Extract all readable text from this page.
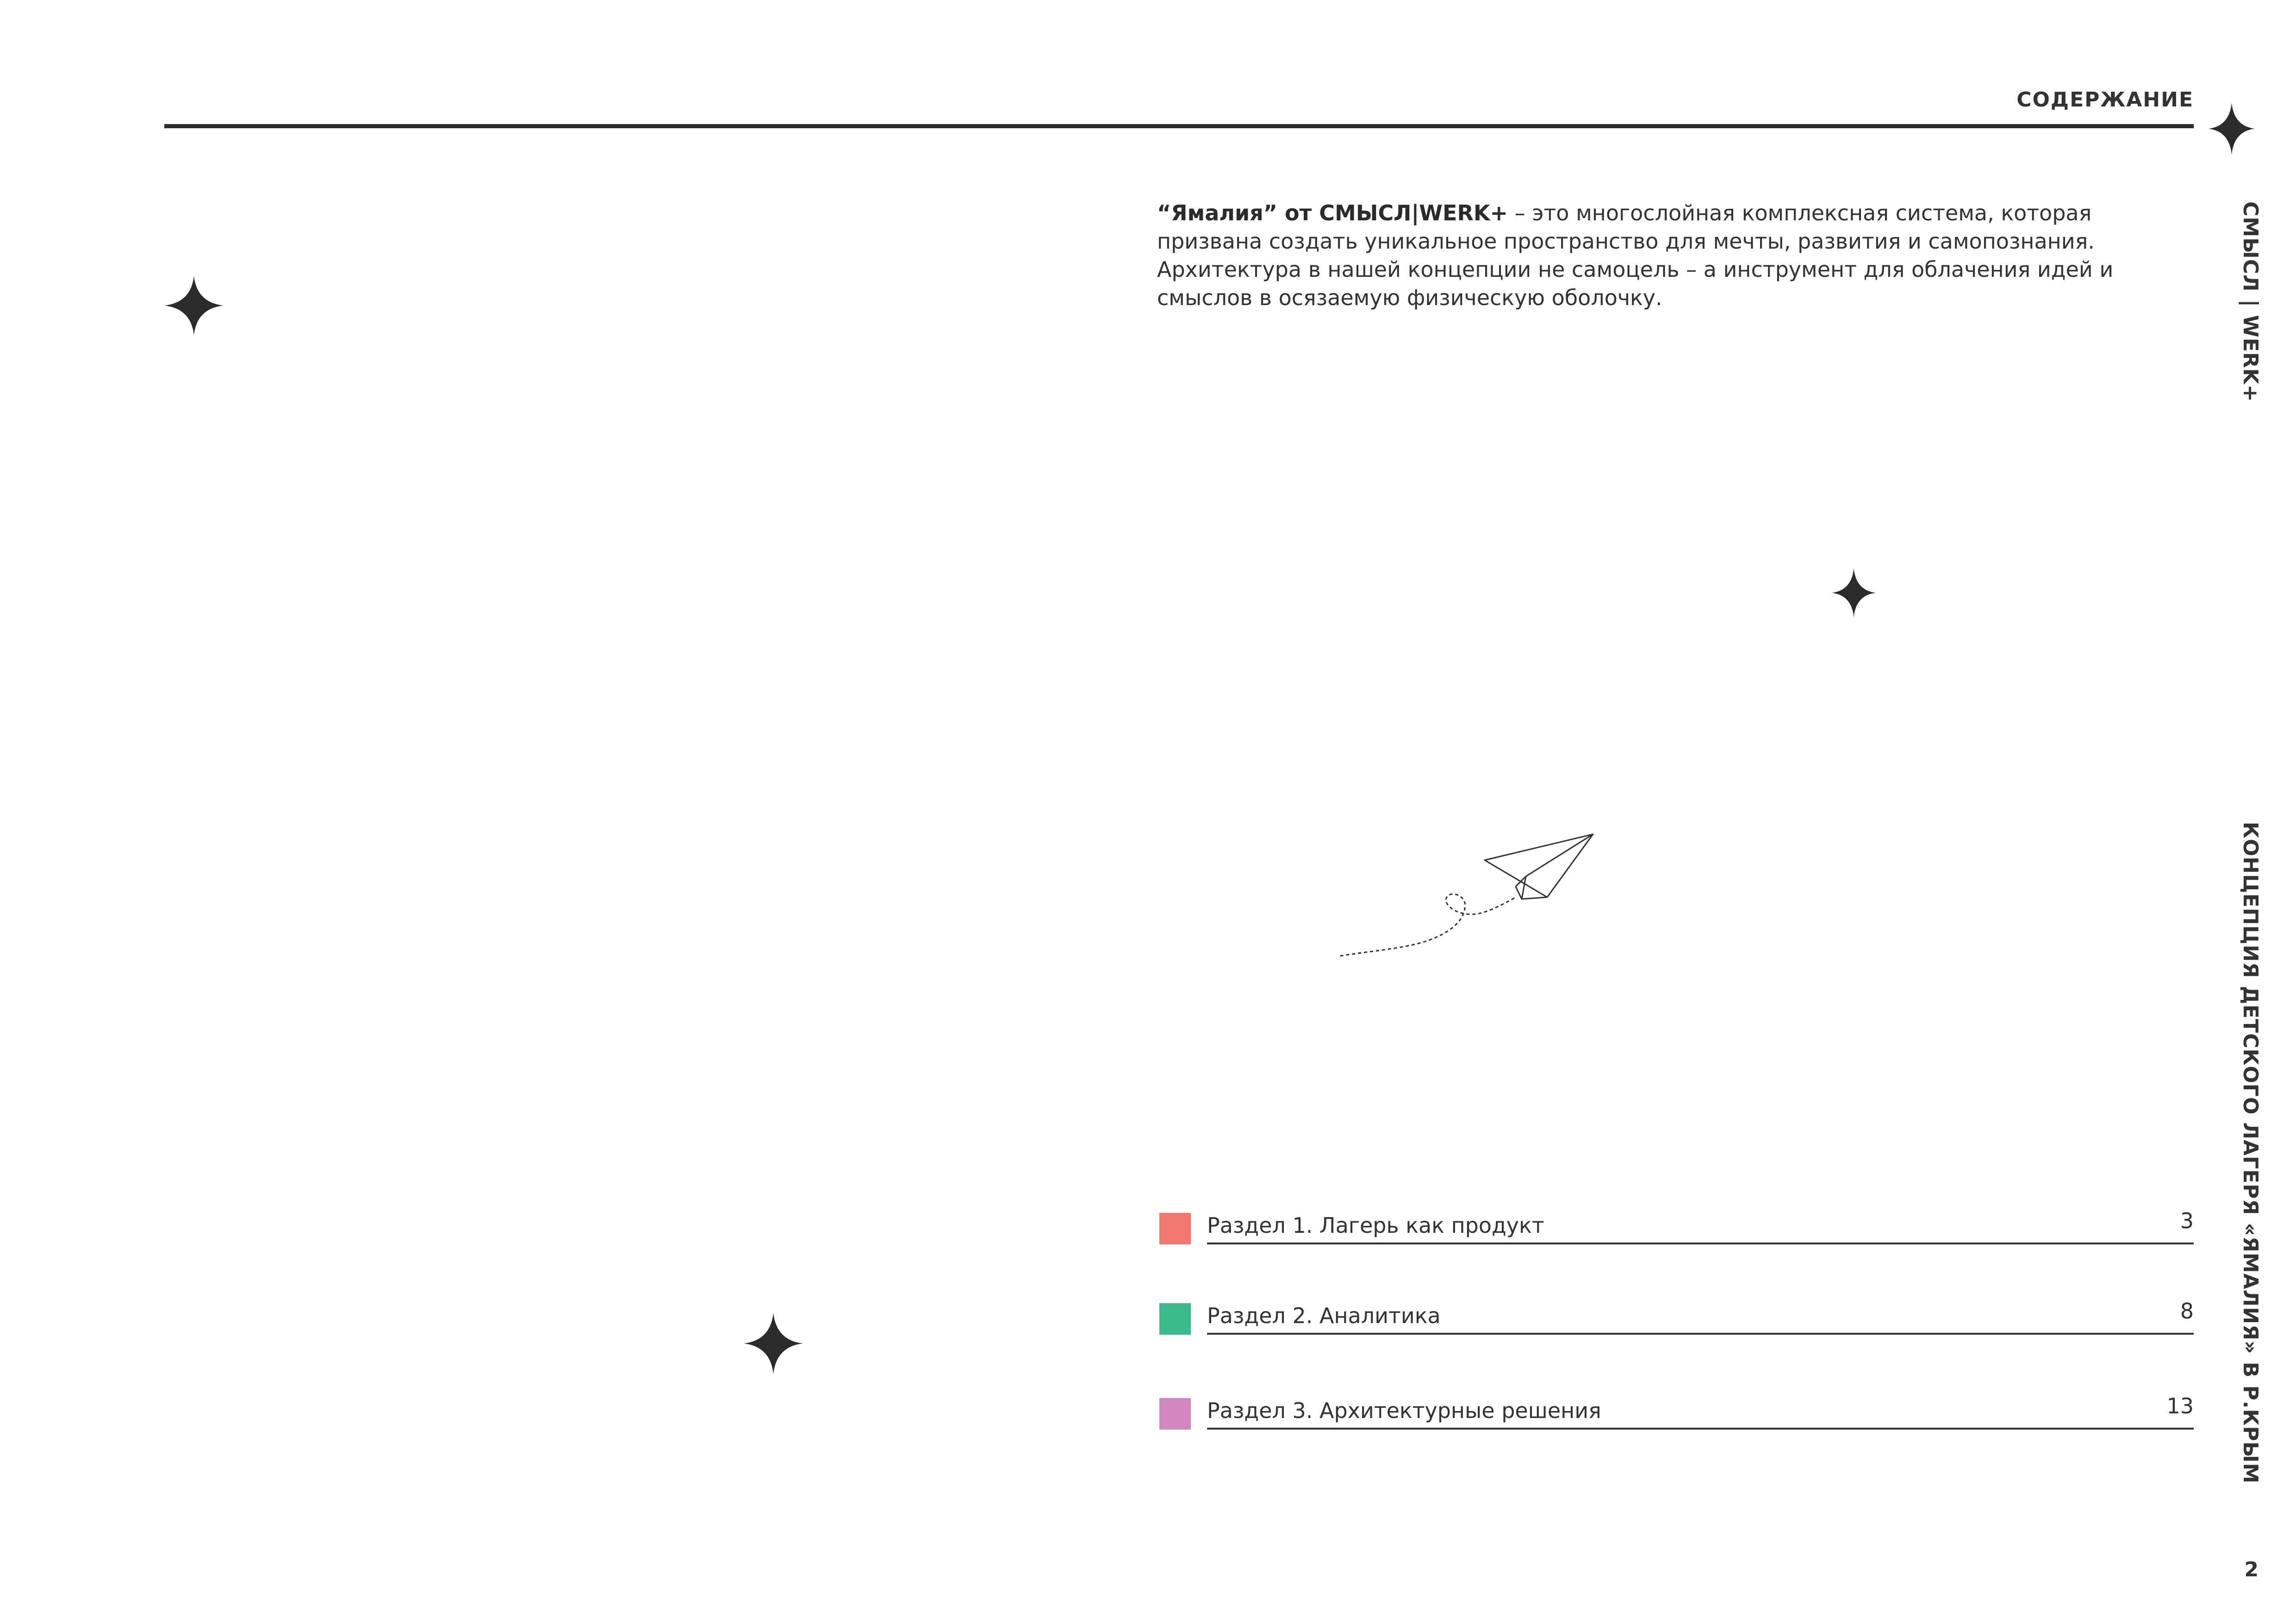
СОДЕРЖАНИЕ
“Ямалия” от СМЫСЛ|WERK+ – это многослойная комплексная система, которая призвана создать уникальное пространство для мечты, развития и самопознания. Архитектура в нашей концепции не самоцель – а инструмент для облачения идей и смыслов в осязаемую физическую оболочку.	СМЫСЛ | WERK+
КОНЦЕПЦИЯ ДЕТСКОГО ЛАГЕРЯ «ЯМАЛИЯ» В Р.КРЫМ
Раздел 1. Лагерь как продукт	3
Раздел 2. Аналитика	8
Раздел 3. Архитектурные решения	13
2
